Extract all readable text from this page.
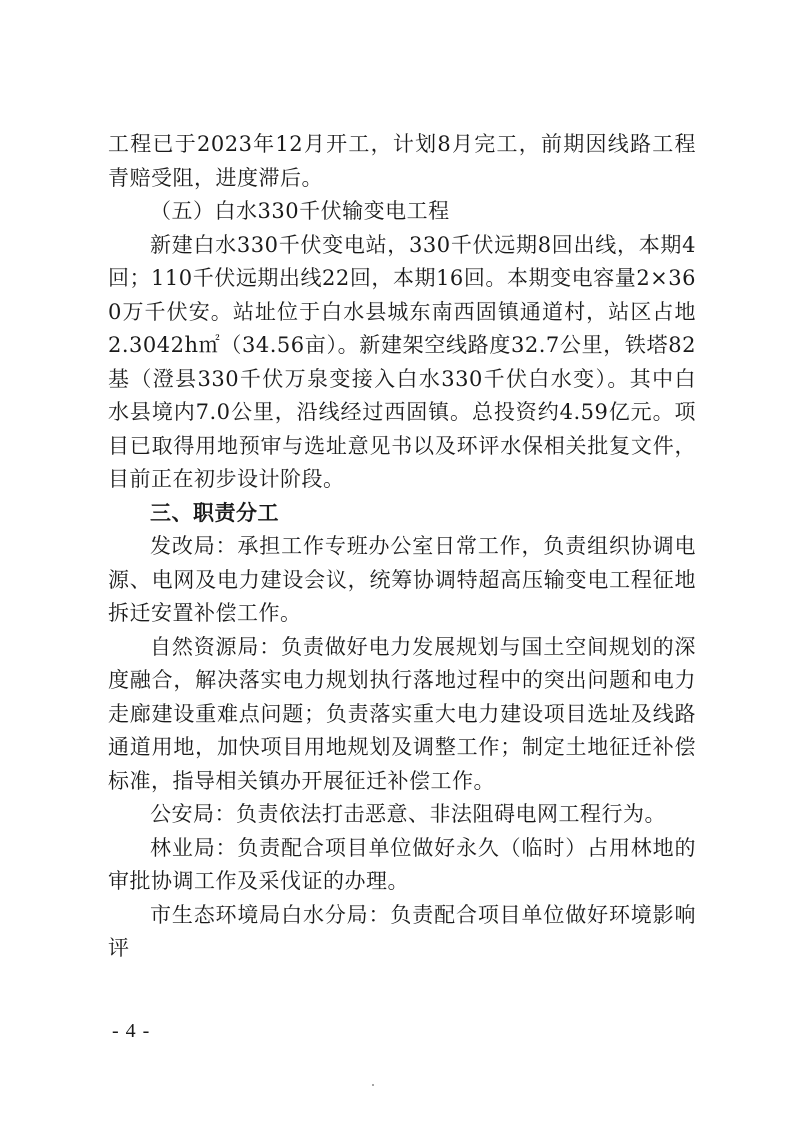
工程已于2023年12月开工，计划8月完工，前期因线路工程青赔受阻，进度滞后。

（五）白水330千伏输变电工程

新建白水330千伏变电站，330千伏远期8回出线，本期4回；110千伏远期出线22回，本期16回。本期变电容量2×360万千伏安。站址位于白水县城东南西固镇通道村，站区占地2.3042h㎡（34.56亩）。新建架空线路度32.7公里，铁塔82基（澄县330千伏万泉变接入白水330千伏白水变）。其中白水县境内7.0公里，沿线经过西固镇。总投资约4.59亿元。项目已取得用地预审与选址意见书以及环评水保相关批复文件，目前正在初步设计阶段。

三、职责分工

发改局：承担工作专班办公室日常工作，负责组织协调电源、电网及电力建设会议，统筹协调特超高压输变电工程征地拆迁安置补偿工作。

自然资源局：负责做好电力发展规划与国土空间规划的深度融合，解决落实电力规划执行落地过程中的突出问题和电力走廊建设重难点问题；负责落实重大电力建设项目选址及线路通道用地，加快项目用地规划及调整工作；制定土地征迁补偿标准，指导相关镇办开展征迁补偿工作。

公安局：负责依法打击恶意、非法阻碍电网工程行为。

林业局：负责配合项目单位做好永久（临时）占用林地的审批协调工作及采伐证的办理。

市生态环境局白水分局：负责配合项目单位做好环境影响评

- 4 -
